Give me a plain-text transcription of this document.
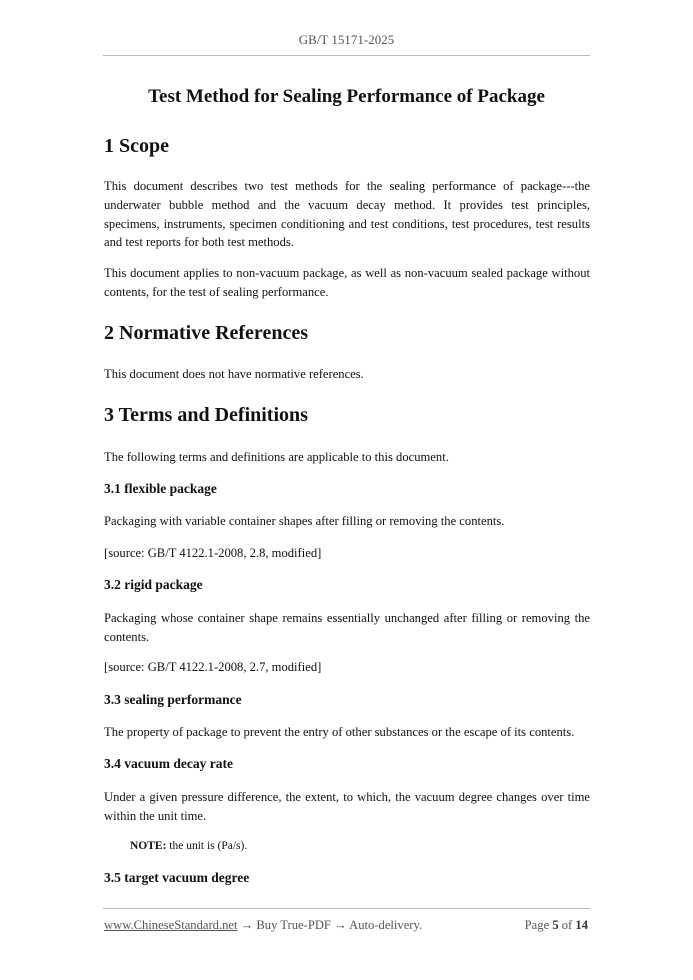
GB/T 15171-2025
Test Method for Sealing Performance of Package
1 Scope
This document describes two test methods for the sealing performance of package---the underwater bubble method and the vacuum decay method. It provides test principles, specimens, instruments, specimen conditioning and test conditions, test procedures, test results and test reports for both test methods.
This document applies to non-vacuum package, as well as non-vacuum sealed package without contents, for the test of sealing performance.
2 Normative References
This document does not have normative references.
3 Terms and Definitions
The following terms and definitions are applicable to this document.
3.1 flexible package
Packaging with variable container shapes after filling or removing the contents.
[source: GB/T 4122.1-2008, 2.8, modified]
3.2 rigid package
Packaging whose container shape remains essentially unchanged after filling or removing the contents.
[source: GB/T 4122.1-2008, 2.7, modified]
3.3 sealing performance
The property of package to prevent the entry of other substances or the escape of its contents.
3.4 vacuum decay rate
Under a given pressure difference, the extent, to which, the vacuum degree changes over time within the unit time.
NOTE: the unit is (Pa/s).
3.5 target vacuum degree
www.ChineseStandard.net → Buy True-PDF → Auto-delivery.	Page 5 of 14
